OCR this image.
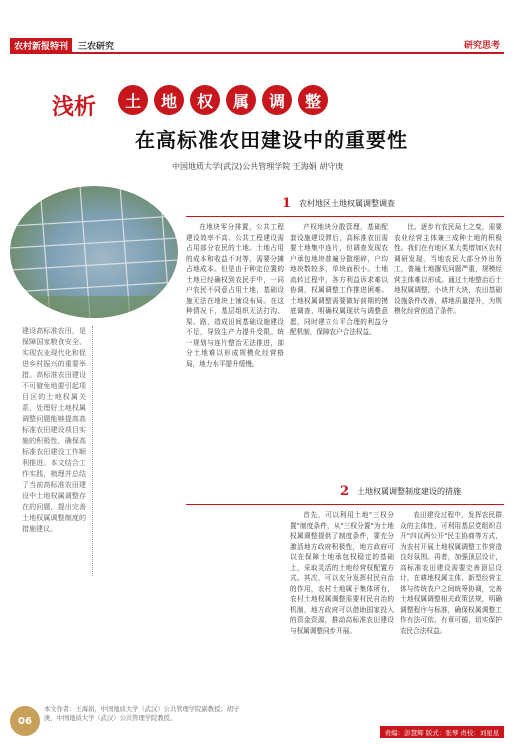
农村新报特刊	三农研究	研究思考
浅析	土	地	权	属	调	整
在高标准农田建设中的重要性
中国地质大学(武汉)公共管理学院 王海娟 胡守庚
建设高标准农田，是保障国家粮食安全、实现农业现代化和促进乡村振兴的重要举措。高标准农田建设不可避免地要引起项目区的土地权属关系，处理好土地权属调整问题能够提高高标准农田建设项目实施的积极性，确保高标准农田建设工作顺利推进。本文结合工作实践，梳理并总结了当前高标准农田建设中土地权属调整存在的问题，提出完善土地权属调整制度的措施建议。
1 农村地区土地权属调整调查

在地块零分排置，公共工程建设效率不高、公共工程建设需占用部分农民的土地。土地占用的成本和收益不对等，需要分摊占地成本。但是由于种定位置的土地已经确权到农民手中，一同户农民不同意占用土地，基础设施无法在地块上铺设布局。在这种情况下，基层组织无法打沟、渠、路，造成田间基础设施建设不足，导致生产力提升受限。统一规划与连片整治无法推进，部分土地难以形成规模化经营格局，地力水平提升缓慢。

产权地块分散管理，基础配套设施建设滞后，高标准农田需要土地集中连片，但调查发现农户承包地块普遍分散细碎，户均地块数较多，单块面积小。土地流转过程中，各方利益诉求难以协调，权属调整工作推进困难。土地权属调整需要做好前期的摸底调查，明确权属现状与调整意愿，同时建立公平合理的利益分配机制，保障农户合法权益。

比、逐步有农民局土之变，需要农业经营主体兼三成种土地的积极性。我们在有地区某大类增加区农村调研发现，当地农民大部分外出务工，普遍土地撂荒问题严重，规模经营主体难以形成。通过土地整治后土地权属调整，小块并大块，农田基础设施条件改善，耕地质量提升，为规模化经营创造了条件。

2 土地权属调整制度建设的措施

首先，可以利用土地"三权分置"制度条件，从"三权分置"为土地权属调整提供了制度条件，要充分激活地方政府积极性，地方政府可以在保障土地承包权稳定的基础上，采取灵活的土地经营权配置方式。其次，可以充分发挥村民自治的作用，农村土地属于集体所有，农村土地权属调整需要村民自治的机制，地方政府可以借助国家投入的资金资源，推动高标准农田建设与权属调整同步开展。

农田建设过程中，发挥农民群众的主体性，可利用基层党组织召开"四议两公开"民主协商等方式，为农村开展土地权属调整工作营造良好氛围。再者，加强顶层设计，高标准农田建设需要完善顶层设计，在耕地权属主体、新型经营主体与传统农户之间统筹协调，完善土地权属调整相关政策法规，明确调整程序与标准，确保权属调整工作有法可依、有章可循，切实保护农民合法权益。

06
本文作者：王海娟，中国地质大学（武汉）公共管理学院副教授；胡守庚，中国地质大学（武汉）公共管理学院教授。
责编：彭慧辉 版式：张琴 责校：刘星星
